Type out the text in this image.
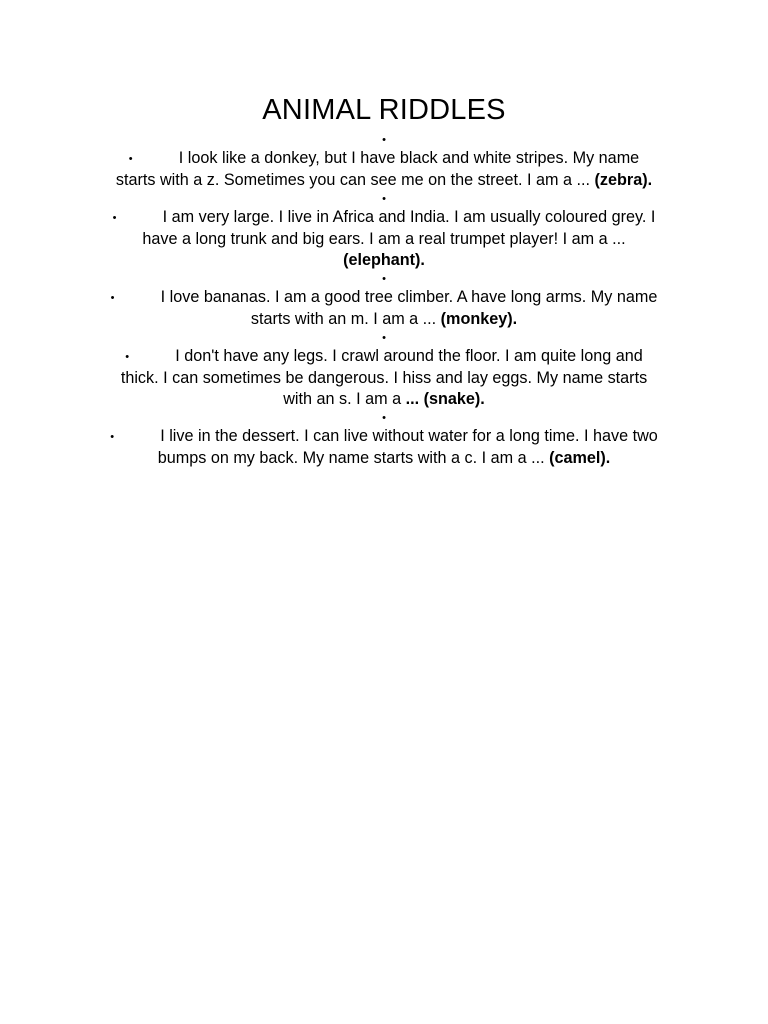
ANIMAL RIDDLES
•

•	I look like a donkey, but I have black and white stripes. My name starts with a z. Sometimes you can see me on the street. I am a ... (zebra).

•

•	I am very large. I live in Africa and India. I am usually coloured grey. I have a long trunk and big ears. I am a real trumpet player! I am a ... (elephant).

•

•	I love bananas. I am a good tree climber. A have long arms. My name starts with an m. I am a ... (monkey).

•

•	I don't have any legs. I crawl around the floor. I am quite long and thick. I can sometimes be dangerous. I hiss and lay eggs. My name starts with an s. I am a ... (snake).

•

•	I live in the dessert. I can live without water for a long time. I have two bumps on my back. My name starts with a c. I am a ... (camel).
